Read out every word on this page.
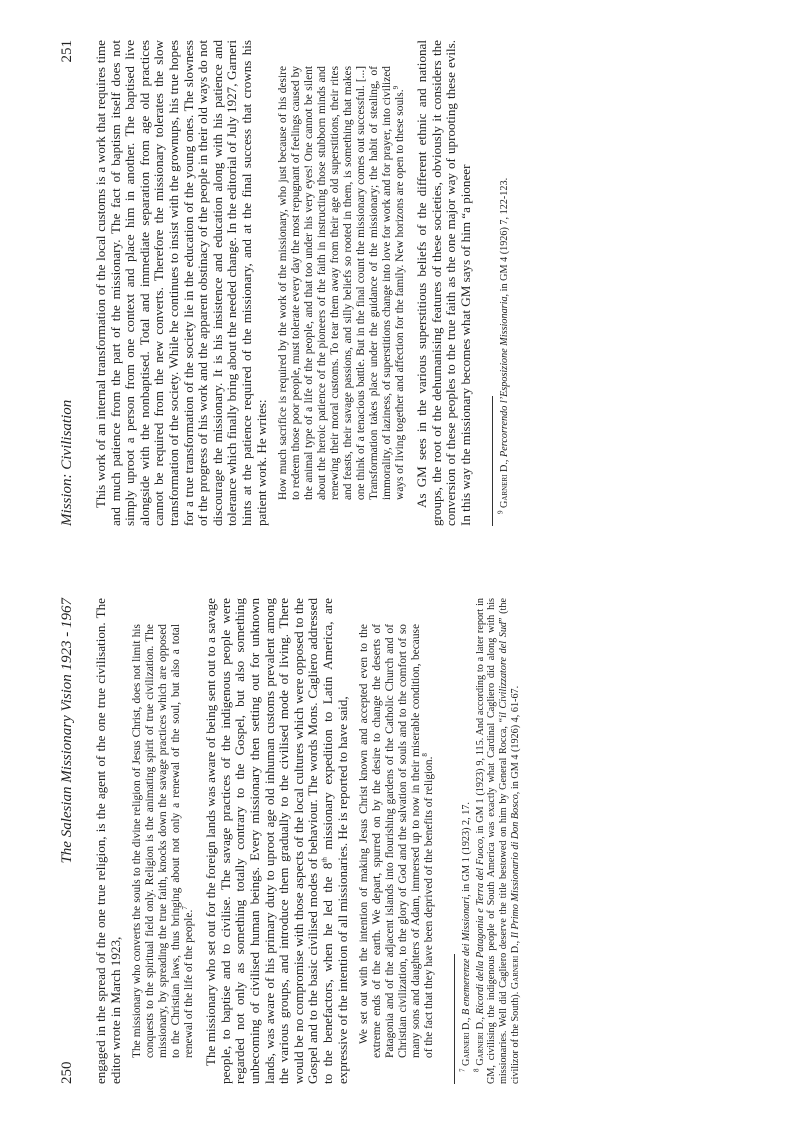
250
The Salesian Missionary Vision 1923 - 1967	engaged in the spread of the one true religion, is the agent of the one true civilisation. The editor wrote in March 1923, The missionary who converts the souls to the divine religion of Jesus Christ, does not limit his conquests to the spiritual field only. Religion is the animating spirit of true civilization. The missionary, by spreading the true faith, knocks down the savage practices which are opposed to the Christian laws, thus bringing about not only a renewal of the soul, but also a total renewal of the life of the people.$^7$	The missionary who set out for the foreign lands was aware of being sent out to a savage people, to baptise and to civilise. The savage practices of the indigenous people were regarded not only as something totally contrary to the Gospel, but also something unbecoming of civilised human beings. Every missionary then setting out for unknown lands, was aware of his primary duty to uproot age old inhuman customs prevalent among the various groups, and introduce them gradually to the civilised mode of living. There would be no compromise with those aspects of the local cultures which were opposed to the Gospel and to the basic civilised modes of behaviour. The words Mons. Cagliero addressed to the benefactors, when he led the 8th missionary expedition to Latin America, are expressive of the intention of all missionaries. He is reported to have said, We set out with the intention of making Jesus Christ known and accepted even to the extreme ends of the earth. We depart, spurred on by the desire to change the deserts of Patagonia and of the adjacent islands into flourishing gardens of the Catholic Church and of Christian civilization, to the glory of God and the salvation of souls and to the comfort of so many sons and daughters of Adam, immersed up to now in their miserable condition, because of the fact that they have been deprived of the benefits of religion.$^8$

$^7$ Garneri D., B enemerenze dei Missionari, in GM 1 (1923) 2, 17.

$^8$ Garneri D., Ricordi della Patagonia e Terra del Fuoco, in GM 1 (1923) 9, 115. And according to a later report in GM, civilising the indigenous people of South America was exactly what Cardinal Cagliero did along with his missionaries. Well did Cagliero deserve the title bestowed on him by General Rocca, “il Civilizzatore del Sud” (the civilizor of the South). Garneri D., Il Primo Missionario di Don Bosco, in GM 4 (1926) 4, 61-67.

Mission: Civilisation
251	This work of an internal transformation of the local customs is a work that requires time and much patience from the part of the missionary. The fact of baptism itself does not simply uproot a person from one context and place him in another. The baptised live alongside with the nonbaptised. Total and immediate separation from age old practices cannot be required from the new converts. Therefore the missionary tolerates the slow transformation of the society. While he continues to insist with the grownups, his true hopes for a true transformation of the society lie in the education of the young ones. The slowness of the progress of his work and the apparent obstinacy of the people in their old ways do not discourage the missionary. It is his insistence and education along with his patience and tolerance which finally bring about the needed change. In the editorial of July 1927, Garneri hints at the patience required of the missionary, and at the final success that crowns his patient work. He writes: How much sacrifice is required by the work of the missionary, who just because of his desire to redeem those poor people, must tolerate every day the most repugnant of feelings caused by the animal type of a life of the people, and that too under his very eyes! One cannot be silent about the heroic patience of the pioneers of the faith in instructing those stubborn minds and renewing their moral customs. To tear them away from their age old superstitions, their rites and feasts, their savage passions, and silly beliefs so rooted in them, is something that makes one think of a tenacious battle. But in the final count the missionary comes out successful. [...] Transformation takes place under the guidance of the missionary; the habit of stealing, of immorality, of laziness, of superstitions change into love for work and for prayer, into civilized ways of living together and affection for the family. New horizons are open to these souls.$^9$	As GM sees in the various superstitious beliefs of the different ethnic and national groups, the root of the dehumanising features of these societies, obviously it considers the conversion of these peoples to the true faith as the one major way of uprooting these evils. In this way the missionary becomes what GM says of him “a pioneer	$^9$ Garneri D., Percorrendo l’Esposizione Missionaria, in GM 4 (1926) 7, 122-123.
